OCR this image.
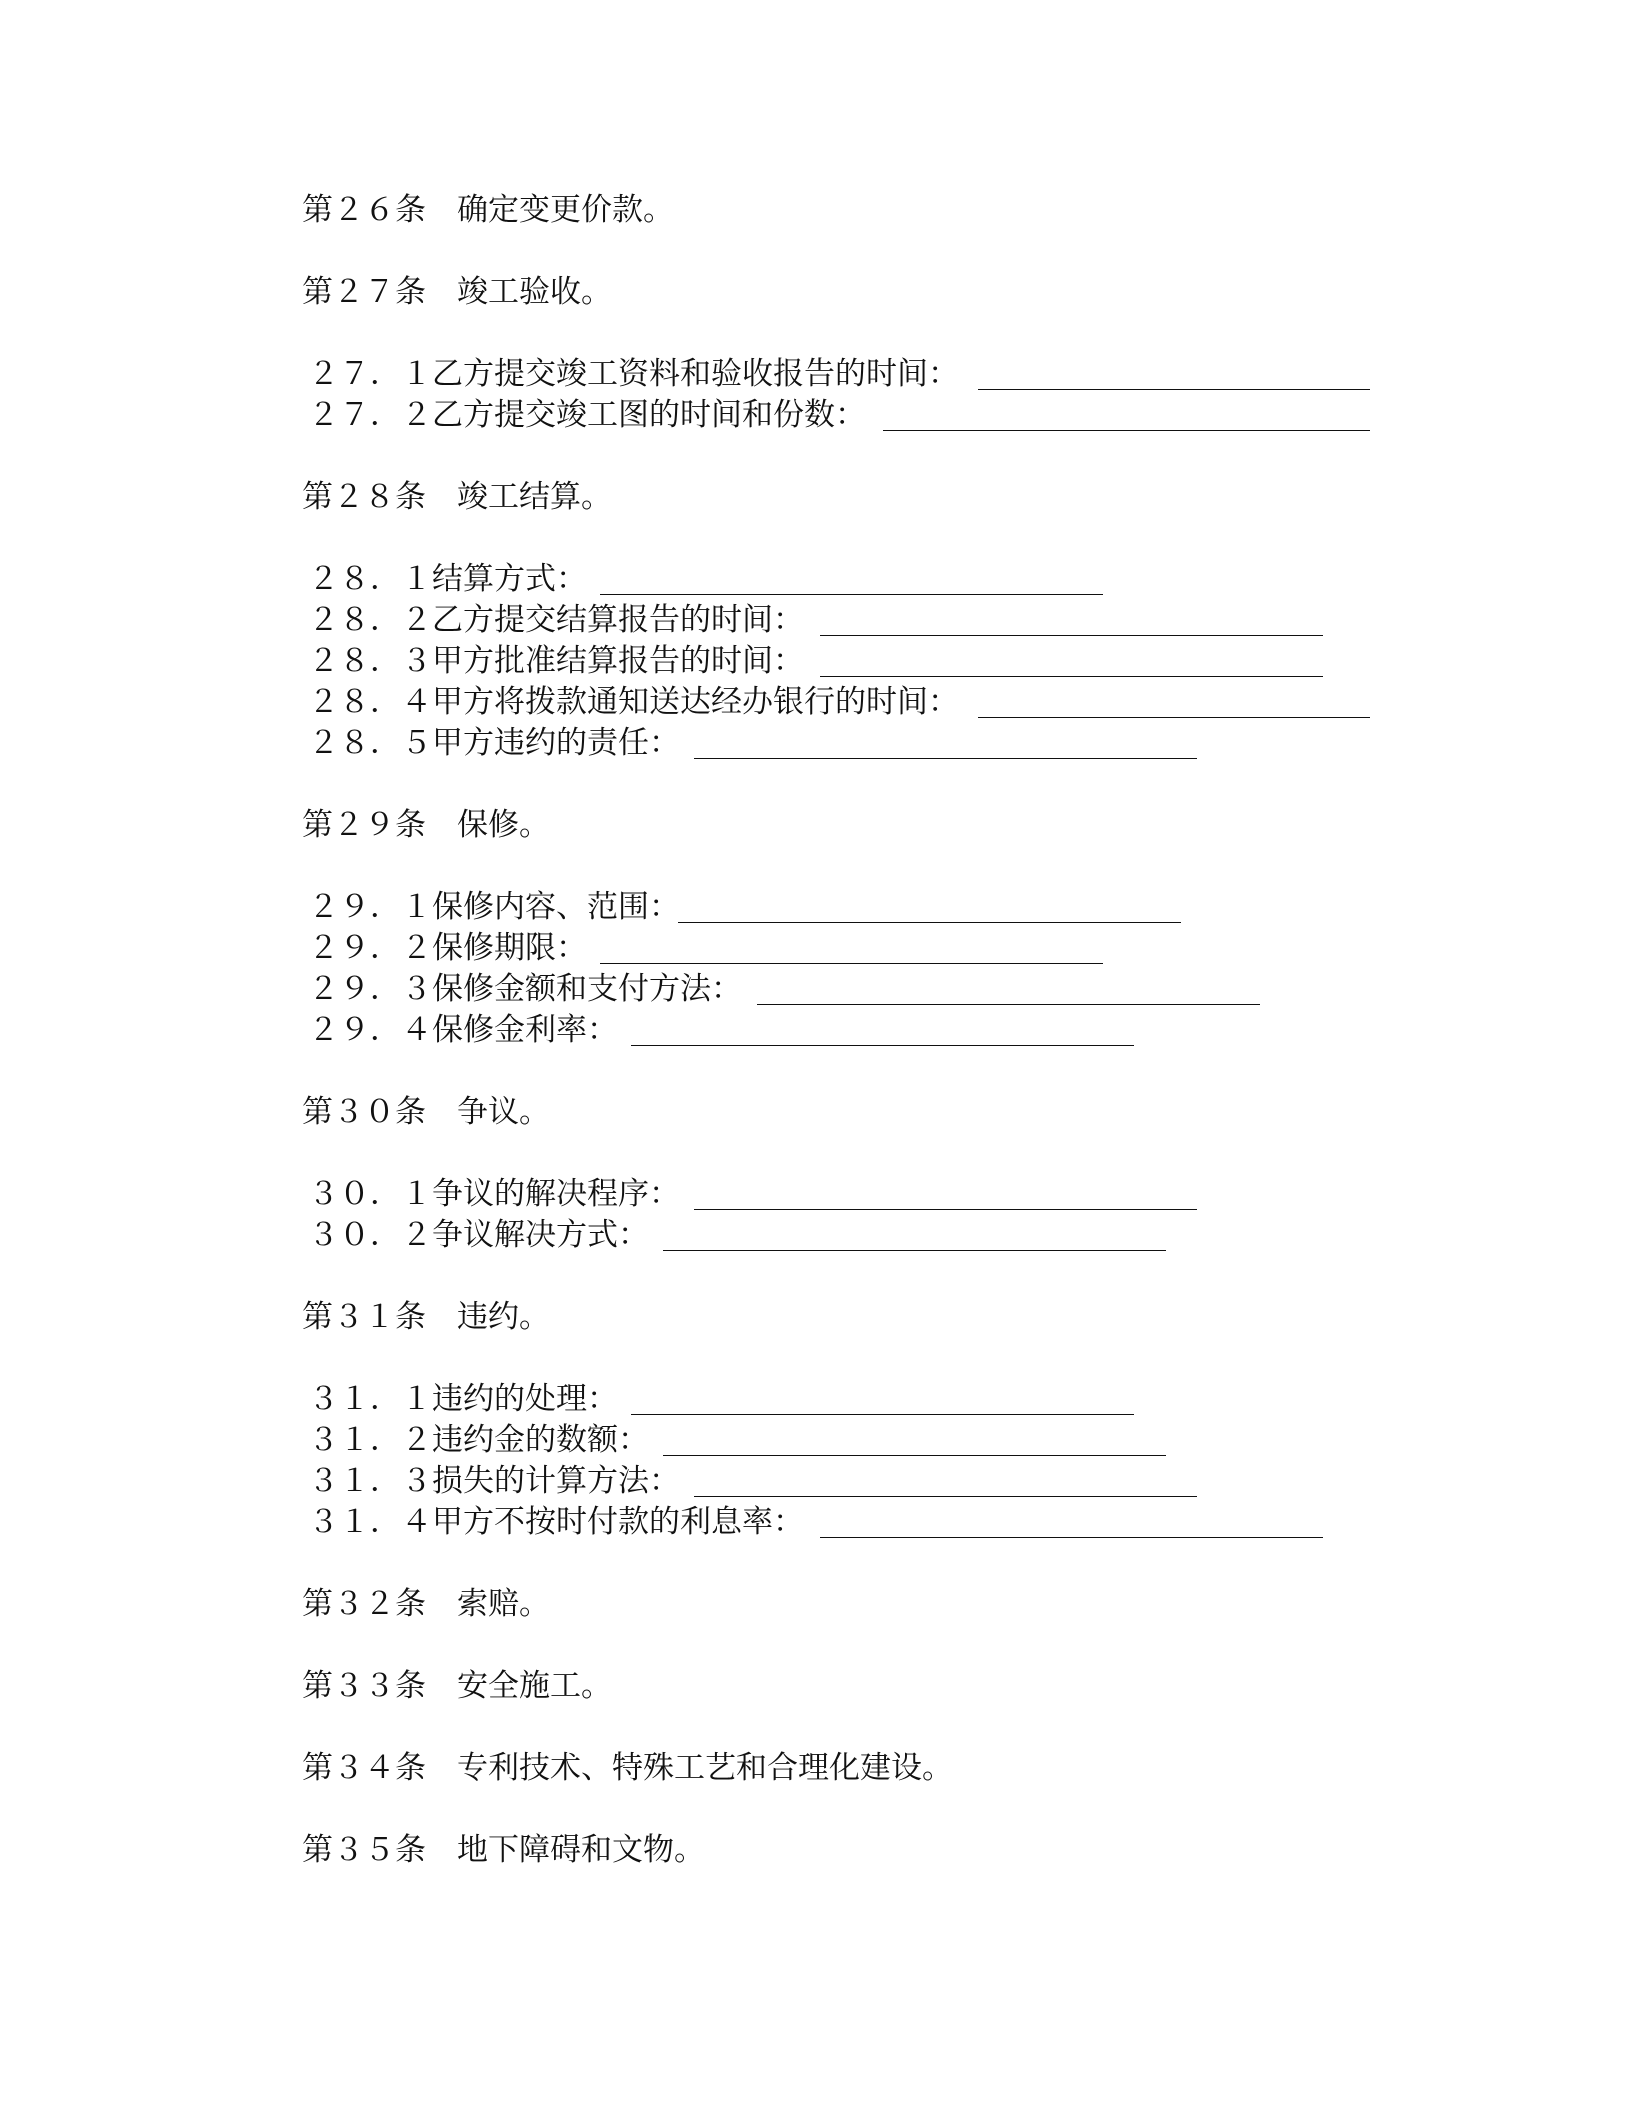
第２６条　确定变更价款。
第２７条　竣工验收。
２７．１乙方提交竣工资料和验收报告的时间：
２７．２乙方提交竣工图的时间和份数：
第２８条　竣工结算。
２８．１结算方式：
２８．２乙方提交结算报告的时间：
２８．３甲方批准结算报告的时间：
２８．４甲方将拨款通知送达经办银行的时间：
２８．５甲方违约的责任：
第２９条　保修。
２９．１保修内容、范围：
２９．２保修期限：
２９．３保修金额和支付方法：
２９．４保修金利率：
第３０条　争议。
３０．１争议的解决程序：
３０．２争议解决方式：
第３１条　违约。
３１．１违约的处理：
３１．２违约金的数额：
３１．３损失的计算方法：
３１．４甲方不按时付款的利息率：
第３２条　索赔。
第３３条　安全施工。
第３４条　专利技术、特殊工艺和合理化建设。
第３５条　地下障碍和文物。
